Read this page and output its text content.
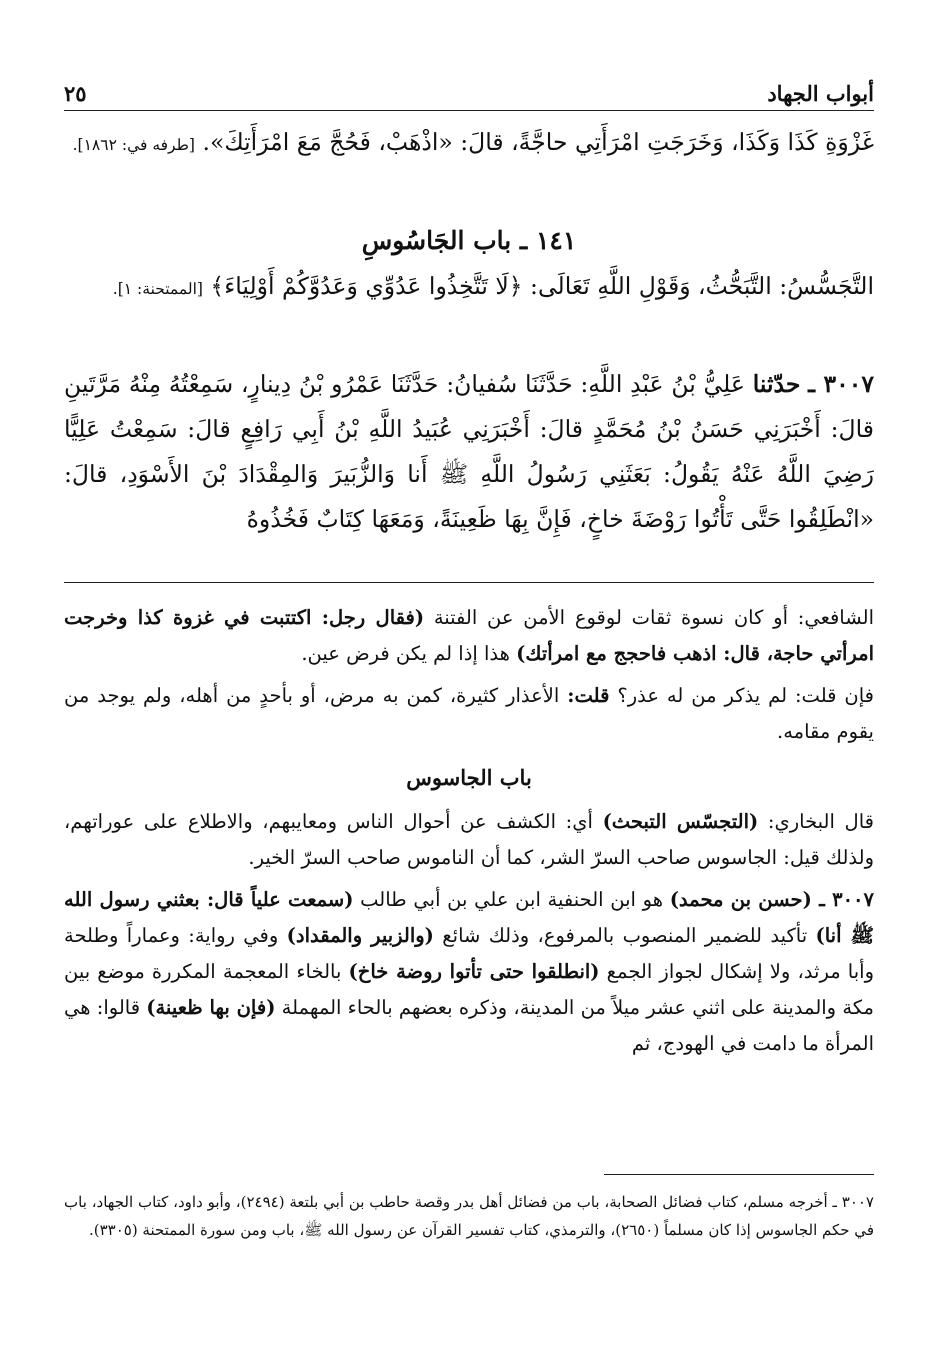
أبواب الجهاد
٢٥
غَزْوَةِ كَذَا وَكَذَا، وَخَرَجَتِ امْرَأَتِي حاجَّةً، قالَ: «اذْهَبْ، فَحُجَّ مَعَ امْرَأَتِكَ». [طرفه في: ١٨٦٢].
١٤١ ـ باب الجَاسُوسِ
التَّجَسُّسُ: التَّبَحُّثُ، وَقَوْلِ اللَّهِ تَعَالَى: ﴿لَا تَتَّخِذُوا عَدُوِّي وَعَدُوَّكُمْ أَوْلِيَاءَ﴾ [الممتحنة: ١].
٣٠٠٧ ـ حدّثنا عَلِيُّ بْنُ عَبْدِ اللَّهِ: حَدَّثَنَا سُفيانُ: حَدَّثَنَا عَمْرُو بْنُ دِينارٍ، سَمِعْتُهُ مِنْهُ مَرَّتَينِ قالَ: أَخْبَرَنِي حَسَنُ بْنُ مُحَمَّدٍ قالَ: أَخْبَرَنِي عُبَيدُ اللَّهِ بْنُ أَبِي رَافِعٍ قالَ: سَمِعْتُ عَلِيًّا رَضِيَ اللَّهُ عَنْهُ يَقُولُ: بَعَثَنِي رَسُولُ اللَّهِ ﷺ أَنا وَالزُّبَيرَ وَالمِقْدَادَ بْنَ الأَسْوَدِ، قالَ: «انْطَلِقُوا حَتَّى تَأْتُوا رَوْضَةَ خاخٍ، فَإِنَّ بِهَا ظَعِينَةً، وَمَعَهَا كِتَابٌ فَخُذُوهُ

الشافعي: أو كان نسوة ثقات لوقوع الأمن عن الفتنة (فقال رجل: اكتتبت في غزوة كذا وخرجت امرأتي حاجة، قال: اذهب فاحجج مع امرأتك) هذا إذا لم يكن فرض عين.

فإن قلت: لم يذكر من له عذر؟ قلت: الأعذار كثيرة، كمن به مرض، أو بأحدٍ من أهله، ولم يوجد من يقوم مقامه.

باب الجاسوس

قال البخاري: (التجسّس التبحث) أي: الكشف عن أحوال الناس ومعايبهم، والاطلاع على عوراتهم، ولذلك قيل: الجاسوس صاحب السرّ الشر، كما أن الناموس صاحب السرّ الخير.

٣٠٠٧ ـ (حسن بن محمد) هو ابن الحنفية ابن علي بن أبي طالب (سمعت علياً قال: بعثني رسول الله ﷺ أنا) تأكيد للضمير المنصوب بالمرفوع، وذلك شائع (والزبير والمقداد) وفي رواية: وعماراً وطلحة وأبا مرثد، ولا إشكال لجواز الجمع (انطلقوا حتى تأتوا روضة خاخ) بالخاء المعجمة المكررة موضع بين مكة والمدينة على اثني عشر ميلاً من المدينة، وذكره بعضهم بالحاء المهملة (فإن بها ظعينة) قالوا: هي المرأة ما دامت في الهودج، ثم

٣٠٠٧ ـ أخرجه مسلم، كتاب فضائل الصحابة، باب من فضائل أهل بدر وقصة حاطب بن أبي بلتعة (٢٤٩٤)، وأبو داود، كتاب الجهاد، باب في حكم الجاسوس إذا كان مسلماً (٢٦٥٠)، والترمذي، كتاب تفسير القرآن عن رسول الله ﷺ، باب ومن سورة الممتحنة (٣٣٠٥).
